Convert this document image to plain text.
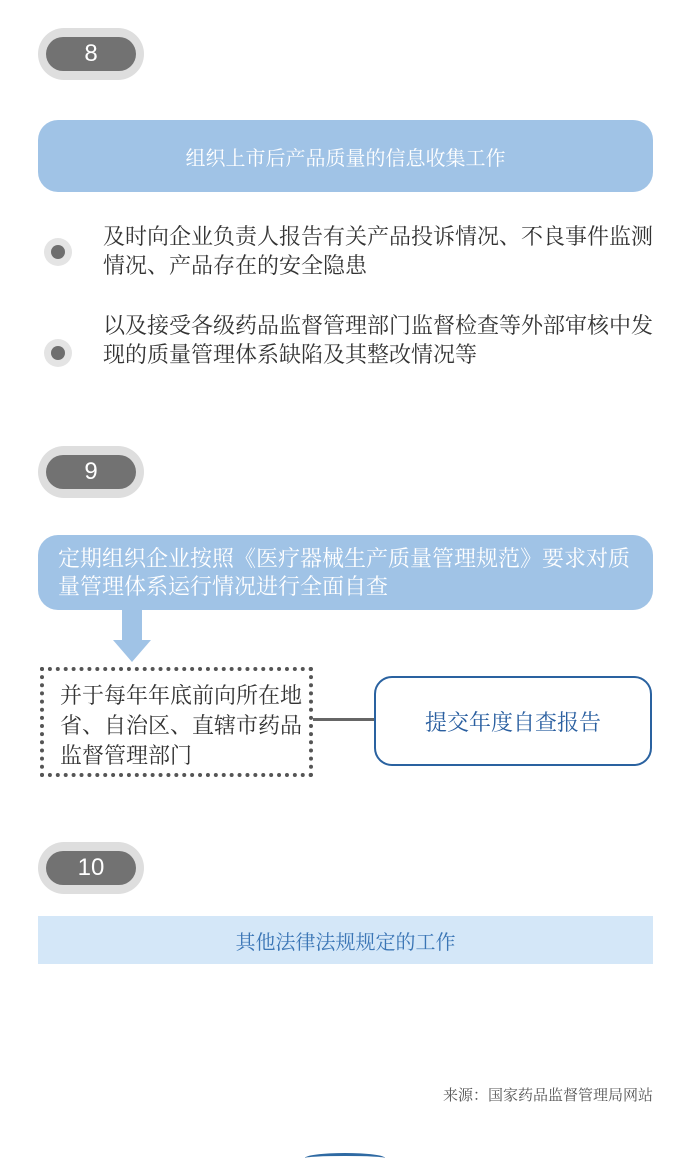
8
组织上市后产品质量的信息收集工作
及时向企业负责人报告有关产品投诉情况、不良事件监测情况、产品存在的安全隐患
以及接受各级药品监督管理部门监督检查等外部审核中发现的质量管理体系缺陷及其整改情况等
9
定期组织企业按照《医疗器械生产质量管理规范》要求对质量管理体系运行情况进行全面自查
并于每年年底前向所在地省、自治区、直辖市药品监督管理部门
提交年度自查报告
10
其他法律法规规定的工作
来源：国家药品监督管理局网站
